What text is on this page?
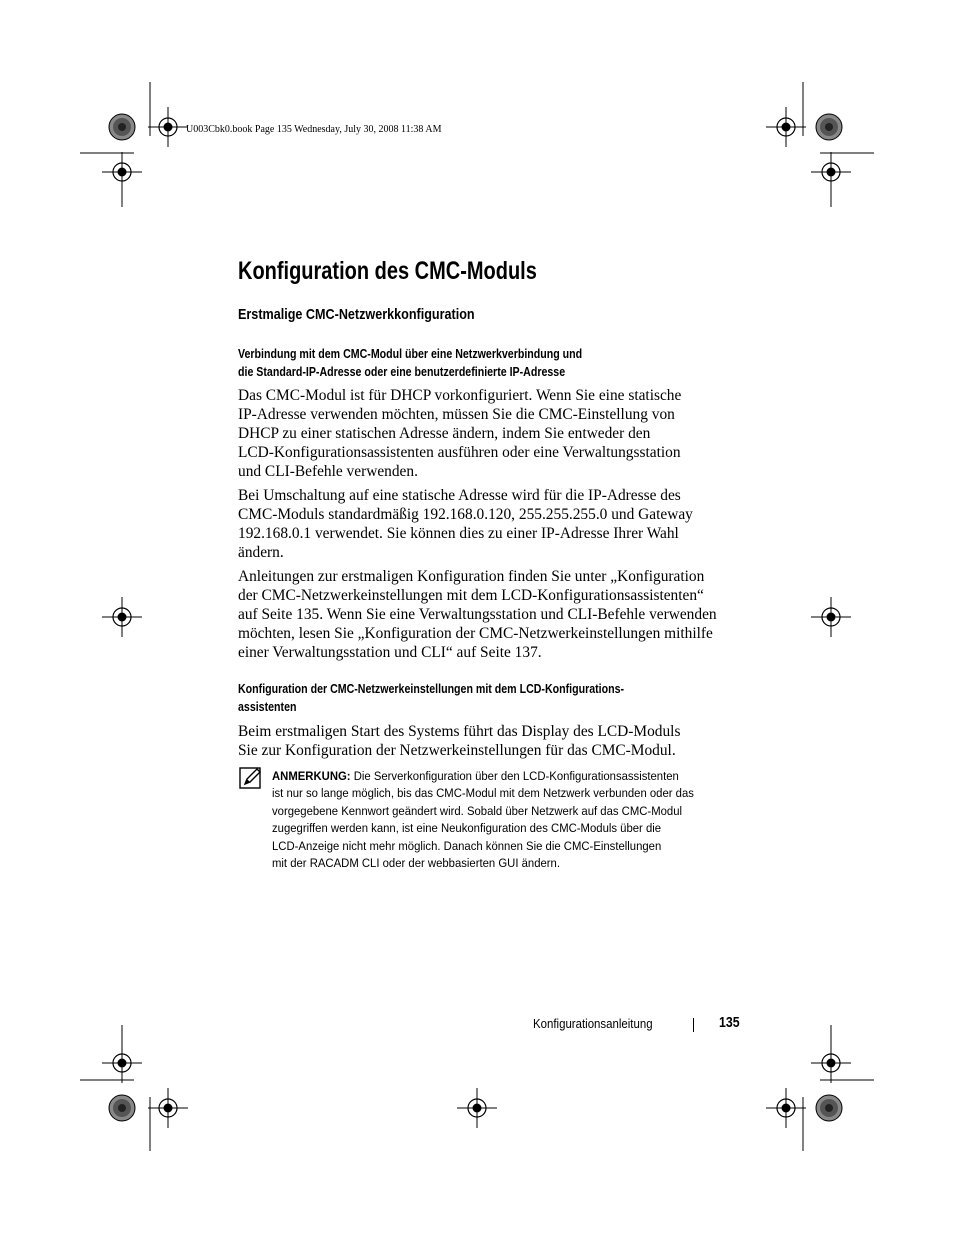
U003Cbk0.book Page 135 Wednesday, July 30, 2008 11:38 AM
Konfiguration des CMC-Moduls
Erstmalige CMC-Netzwerkkonfiguration
Verbindung mit dem CMC-Modul über eine Netzwerkverbindung und
die Standard-IP-Adresse oder eine benutzerdefinierte IP-Adresse
Das CMC-Modul ist für DHCP vorkonfiguriert. Wenn Sie eine statische
IP-Adresse verwenden möchten, müssen Sie die CMC-Einstellung von
DHCP zu einer statischen Adresse ändern, indem Sie entweder den
LCD-Konfigurationsassistenten ausführen oder eine Verwaltungsstation
und CLI-Befehle verwenden.
Bei Umschaltung auf eine statische Adresse wird für die IP-Adresse des
CMC-Moduls standardmäßig 192.168.0.120, 255.255.255.0 und Gateway
192.168.0.1 verwendet. Sie können dies zu einer IP-Adresse Ihrer Wahl
ändern.
Anleitungen zur erstmaligen Konfiguration finden Sie unter „Konfiguration
der CMC-Netzwerkeinstellungen mit dem LCD-Konfigurationsassistenten“
auf Seite 135. Wenn Sie eine Verwaltungsstation und CLI-Befehle verwenden
möchten, lesen Sie „Konfiguration der CMC-Netzwerkeinstellungen mithilfe
einer Verwaltungsstation und CLI“ auf Seite 137.
Konfiguration der CMC-Netzwerkeinstellungen mit dem LCD-Konfigurations-
assistenten
Beim erstmaligen Start des Systems führt das Display des LCD-Moduls
Sie zur Konfiguration der Netzwerkeinstellungen für das CMC-Modul.
ANMERKUNG: Die Serverkonfiguration über den LCD-Konfigurationsassistenten
ist nur so lange möglich, bis das CMC-Modul mit dem Netzwerk verbunden oder das
vorgegebene Kennwort geändert wird. Sobald über Netzwerk auf das CMC-Modul
zugegriffen werden kann, ist eine Neukonfiguration des CMC-Moduls über die
LCD-Anzeige nicht mehr möglich. Danach können Sie die CMC-Einstellungen
mit der RACADM CLI oder der webbasierten GUI ändern.
Konfigurationsanleitung	135
